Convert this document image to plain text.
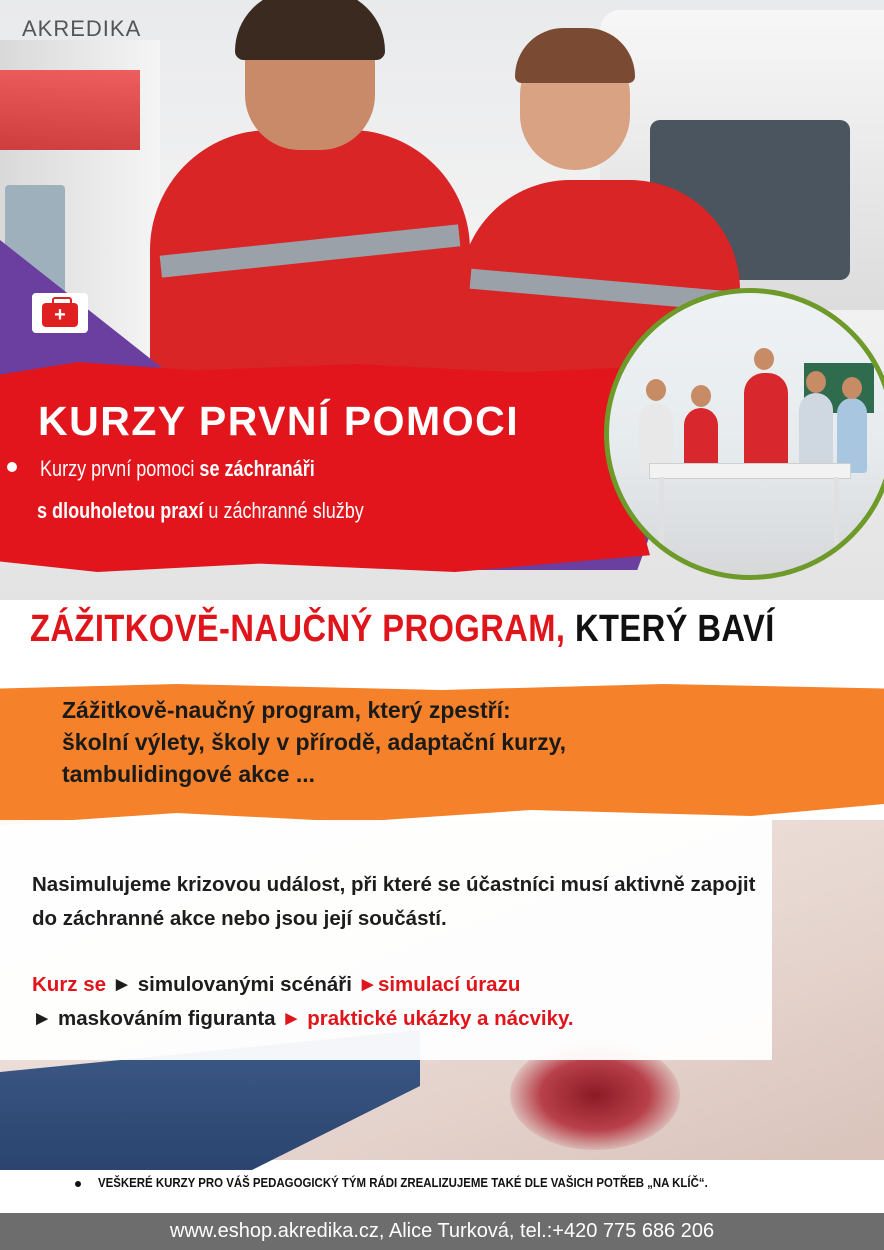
AKREDIKA
+
KURZY PRVNÍ POMOCI
Kurzy první pomoci se záchranáři
s dlouholetou praxí u záchranné služby
ZÁŽITKOVĚ-NAUČNÝ PROGRAM, KTERÝ BAVÍ
Zážitkově-naučný program, který zpestří:
školní výlety, školy v přírodě, adaptační kurzy,
tambulidingové akce ...
Nasimulujeme krizovou událost, při které se účastníci musí aktivně zapojit do záchranné akce nebo jsou její součástí.
Kurz se ► simulovanými scénáři ►simulací úrazu
► maskováním figuranta ► praktické ukázky a nácviky.
VEŠKERÉ KURZY PRO VÁŠ PEDAGOGICKÝ TÝM RÁDI ZREALIZUJEME TAKÉ DLE VAŠICH POTŘEB „NA KLÍČ“.
www.eshop.akredika.cz, Alice Turková, tel.:+420 775 686 206
